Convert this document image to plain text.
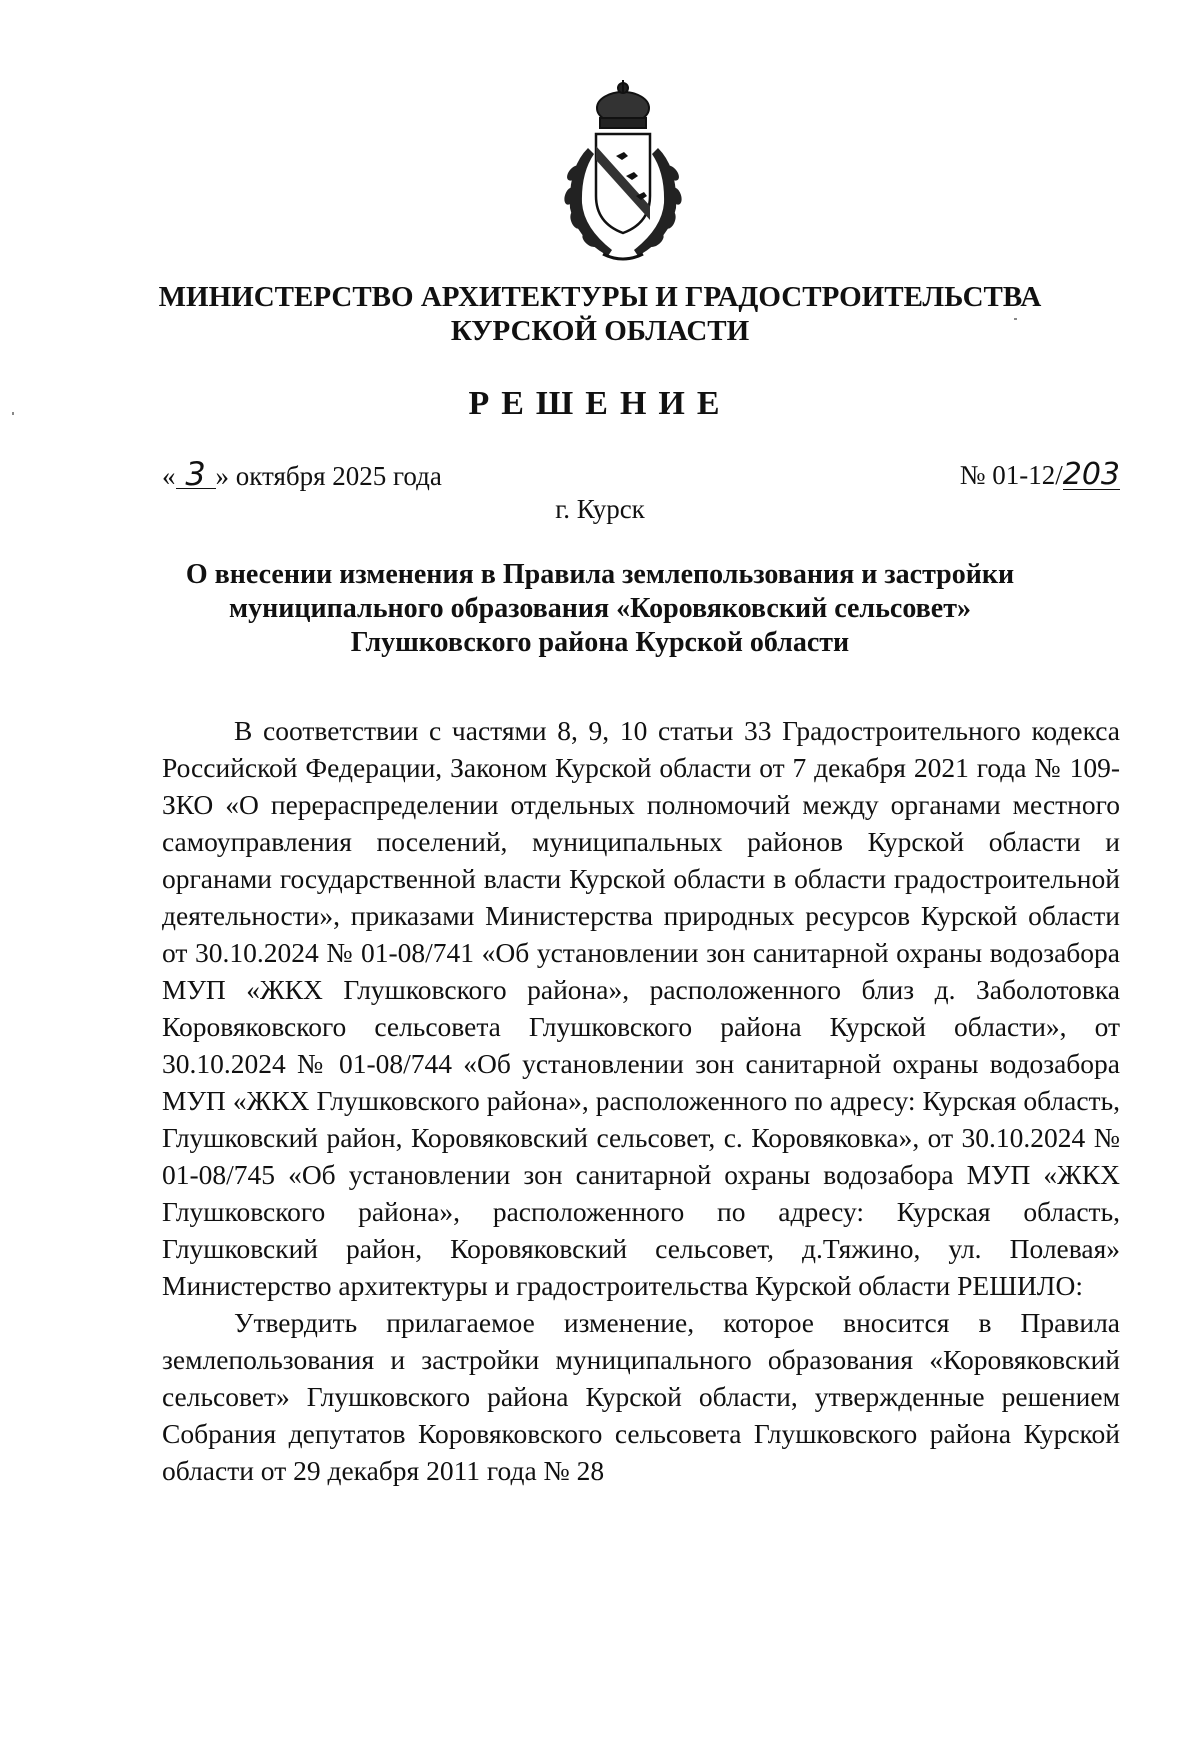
МИНИСТЕРСТВО АРХИТЕКТУРЫ И ГРАДОСТРОИТЕЛЬСТВА
КУРСКОЙ ОБЛАСТИ
РЕШЕНИЕ
« 3 » октября 2025 года	№ 01-12/203
г. Курск
О внесении изменения в Правила землепользования и застройки
муниципального образования «Коровяковский сельсовет»
Глушковского района Курской области

В соответствии с частями 8, 9, 10 статьи 33 Градостроительного кодекса Российской Федерации, Законом Курской области от 7 декабря 2021 года № 109-ЗКО «О перераспределении отдельных полномочий между органами местного самоуправления поселений, муниципальных районов Курской области и органами государственной власти Курской области в области градостроительной деятельности», приказами Министерства природных ресурсов Курской области от 30.10.2024 № 01-08/741 «Об установлении зон санитарной охраны водозабора МУП «ЖКХ Глушковского района», расположенного близ д. Заболотовка Коровяковского сельсовета Глушковского района Курской области», от 30.10.2024 № 01-08/744 «Об установлении зон санитарной охраны водозабора МУП «ЖКХ Глушковского района», расположенного по адресу: Курская область, Глушковский район, Коровяковский сельсовет, с. Коровяковка», от 30.10.2024 № 01-08/745 «Об установлении зон санитарной охраны водозабора МУП «ЖКХ Глушковского района», расположенного по адресу: Курская область, Глушковский район, Коровяковский сельсовет, д.Тяжино, ул. Полевая» Министерство архитектуры и градостроительства Курской области РЕШИЛО:

Утвердить прилагаемое изменение, которое вносится в Правила землепользования и застройки муниципального образования «Коровяковский сельсовет» Глушковского района Курской области, утвержденные решением Собрания депутатов Коровяковского сельсовета Глушковского района Курской области от 29 декабря 2011 года № 28
